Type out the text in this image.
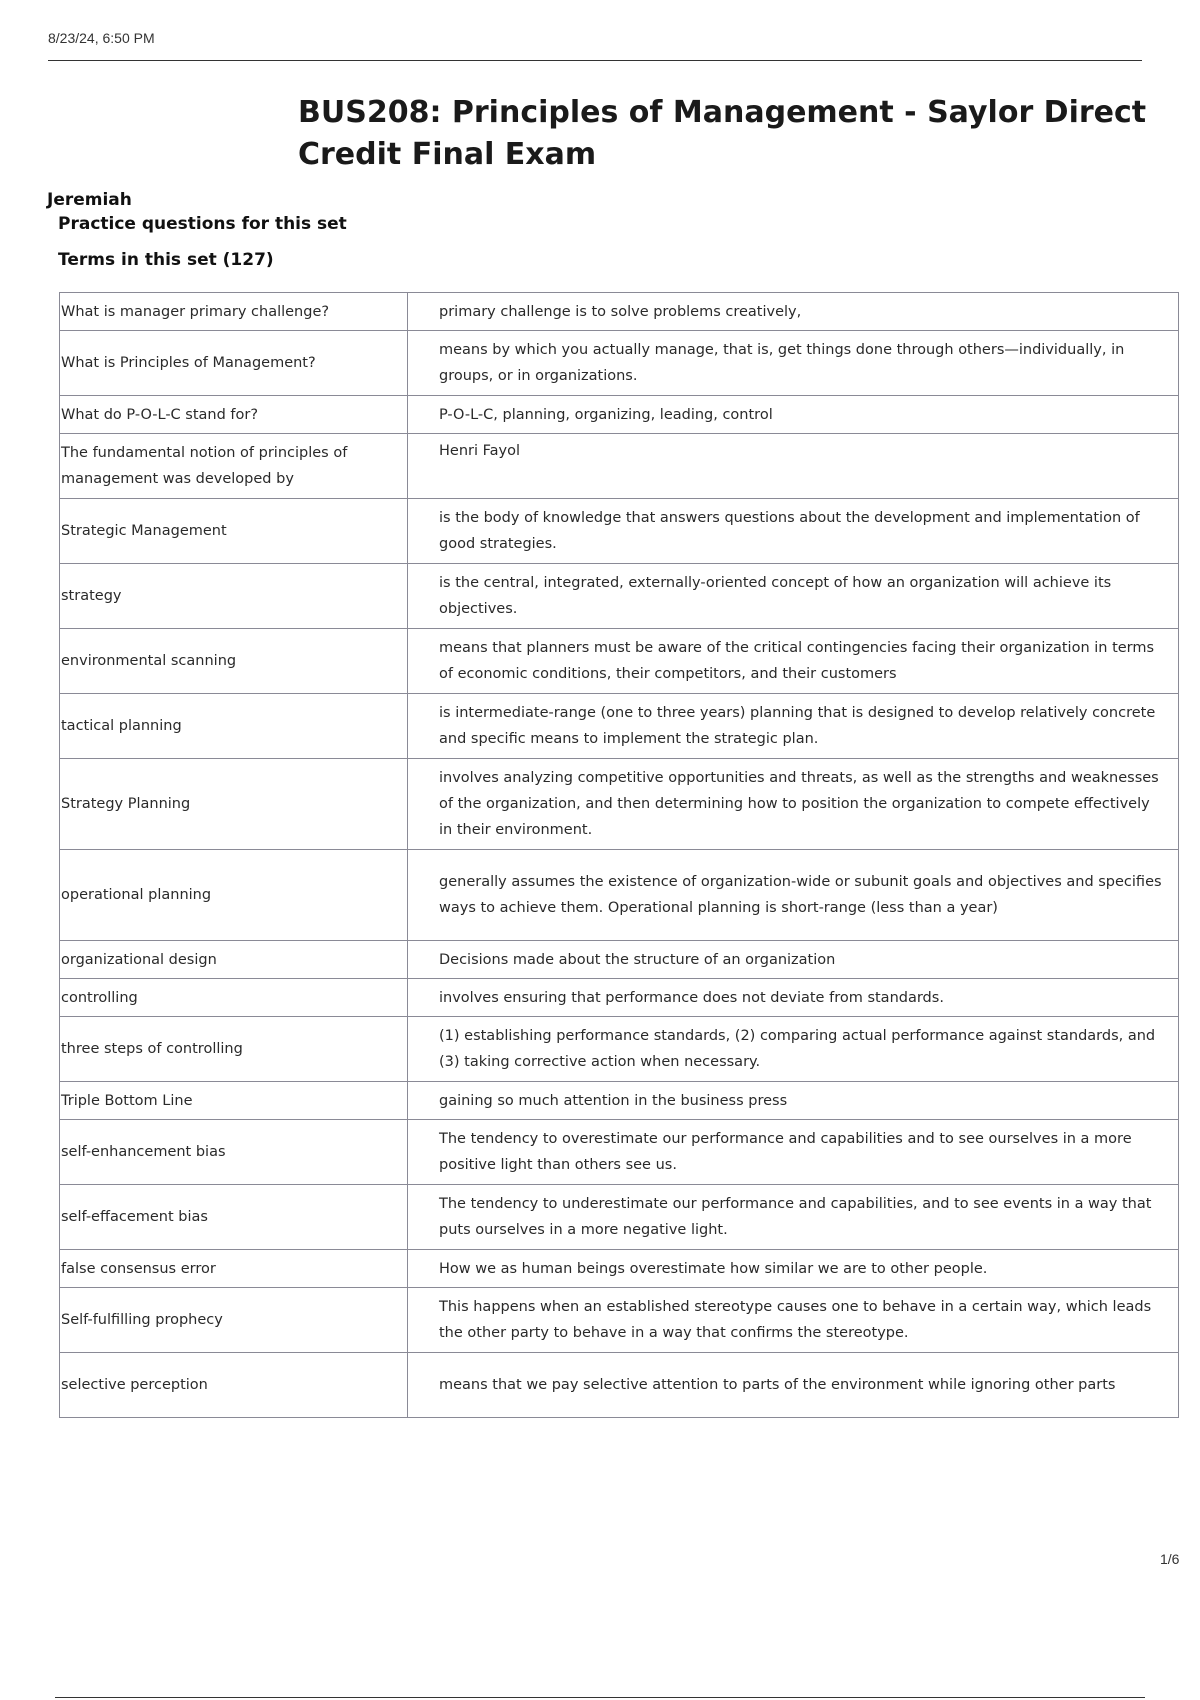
8/23/24, 6:50 PM
BUS208: Principles of Management - Saylor Direct Credit Final Exam
Jeremiah
Practice questions for this set
Terms in this set (127)
What is manager primary challenge?	primary challenge is to solve problems creatively,
What is Principles of Management?	means by which you actually manage, that is, get things done through others—individually, in groups, or in organizations.
What do P-O-L-C stand for?	P-O-L-C, planning, organizing, leading, control
The fundamental notion of principles of management was developed by	Henri Fayol
Strategic Management	is the body of knowledge that answers questions about the development and implementation of good strategies.
strategy	is the central, integrated, externally-oriented concept of how an organization will achieve its objectives.
environmental scanning	means that planners must be aware of the critical contingencies facing their organization in terms of economic conditions, their competitors, and their customers
tactical planning	is intermediate-range (one to three years) planning that is designed to develop relatively concrete and specific means to implement the strategic plan.
Strategy Planning	involves analyzing competitive opportunities and threats, as well as the strengths and weaknesses of the organization, and then determining how to position the organization to compete effectively in their environment.
operational planning	generally assumes the existence of organization-wide or subunit goals and objectives and specifies ways to achieve them. Operational planning is short-range (less than a year)
organizational design	Decisions made about the structure of an organization
controlling	involves ensuring that performance does not deviate from standards.
three steps of controlling	(1) establishing performance standards, (2) comparing actual performance against standards, and (3) taking corrective action when necessary.
Triple Bottom Line	gaining so much attention in the business press
self-enhancement bias	The tendency to overestimate our performance and capabilities and to see ourselves in a more positive light than others see us.
self-effacement bias	The tendency to underestimate our performance and capabilities, and to see events in a way that puts ourselves in a more negative light.
false consensus error	How we as human beings overestimate how similar we are to other people.
Self-fulfilling prophecy	This happens when an established stereotype causes one to behave in a certain way, which leads the other party to behave in a way that confirms the stereotype.
selective perception	means that we pay selective attention to parts of the environment while ignoring other parts
1/6
